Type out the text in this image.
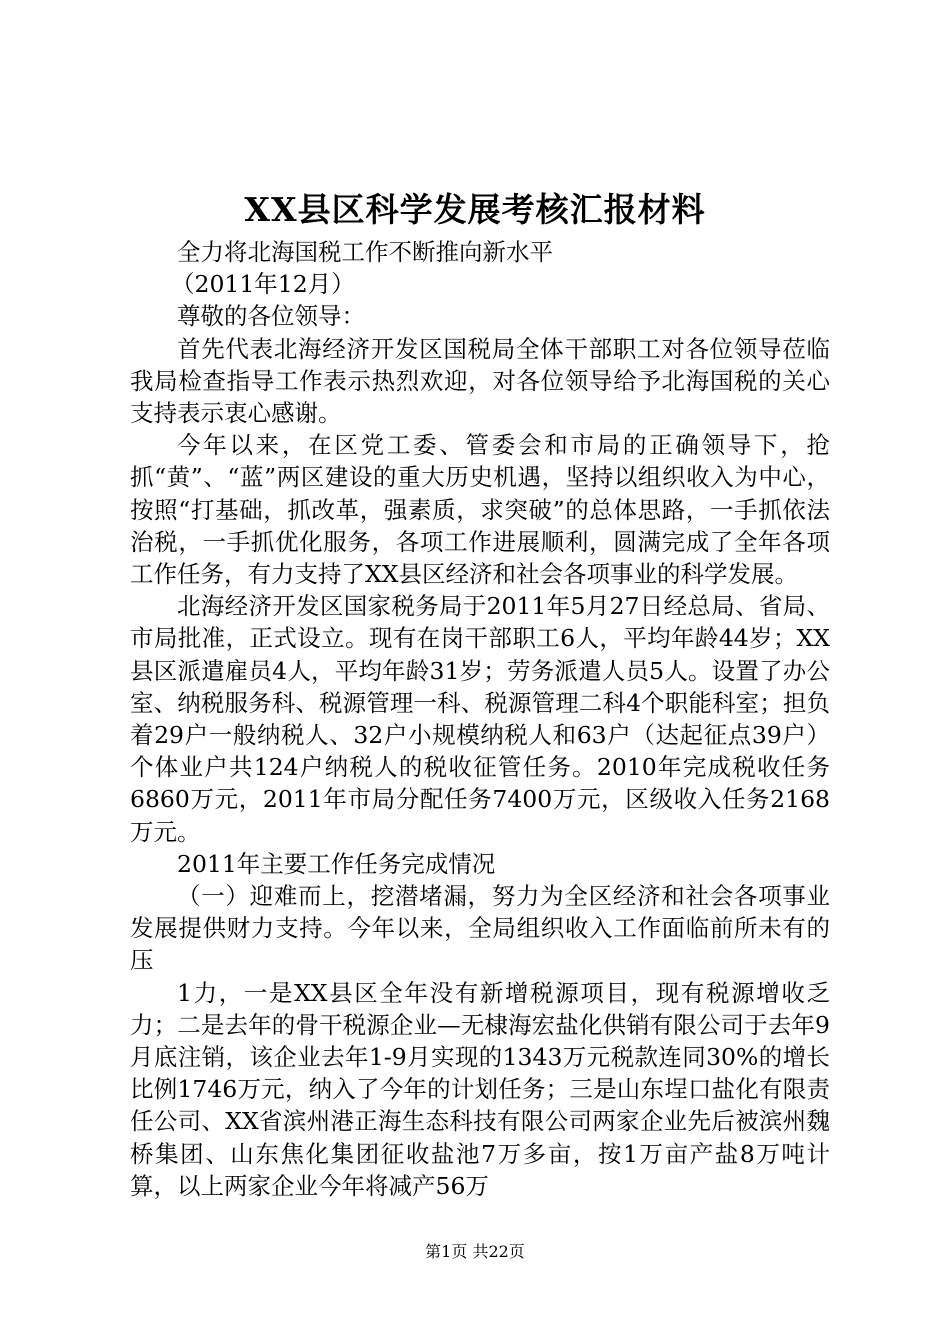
XX县区科学发展考核汇报材料

全力将北海国税工作不断推向新水平

（2011年12月）

尊敬的各位领导：

首先代表北海经济开发区国税局全体干部职工对各位领导莅临我局检查指导工作表示热烈欢迎，对各位领导给予北海国税的关心支持表示衷心感谢。

今年以来，在区党工委、管委会和市局的正确领导下，抢抓“黄”、“蓝”两区建设的重大历史机遇，坚持以组织收入为中心，按照“打基础，抓改革，强素质，求突破”的总体思路，一手抓依法治税，一手抓优化服务，各项工作进展顺利，圆满完成了全年各项工作任务，有力支持了XX县区经济和社会各项事业的科学发展。

北海经济开发区国家税务局于2011年5月27日经总局、省局、市局批准，正式设立。现有在岗干部职工6人，平均年龄44岁；XX县区派遣雇员4人，平均年龄31岁；劳务派遣人员5人。设置了办公室、纳税服务科、税源管理一科、税源管理二科4个职能科室；担负着29户一般纳税人、32户小规模纳税人和63户（达起征点39户）个体业户共124户纳税人的税收征管任务。2010年完成税收任务6860万元，2011年市局分配任务7400万元，区级收入任务2168万元。

2011年主要工作任务完成情况

（一）迎难而上，挖潜堵漏，努力为全区经济和社会各项事业发展提供财力支持。今年以来，全局组织收入工作面临前所未有的压

1力，一是XX县区全年没有新增税源项目，现有税源增收乏力；二是去年的骨干税源企业—无棣海宏盐化供销有限公司于去年9月底注销，该企业去年1-9月实现的1343万元税款连同30%的增长比例1746万元，纳入了今年的计划任务；三是山东埕口盐化有限责任公司、XX省滨州港正海生态科技有限公司两家企业先后被滨州魏桥集团、山东焦化集团征收盐池7万多亩，按1万亩产盐8万吨计算，以上两家企业今年将减产56万

第1页 共22页
